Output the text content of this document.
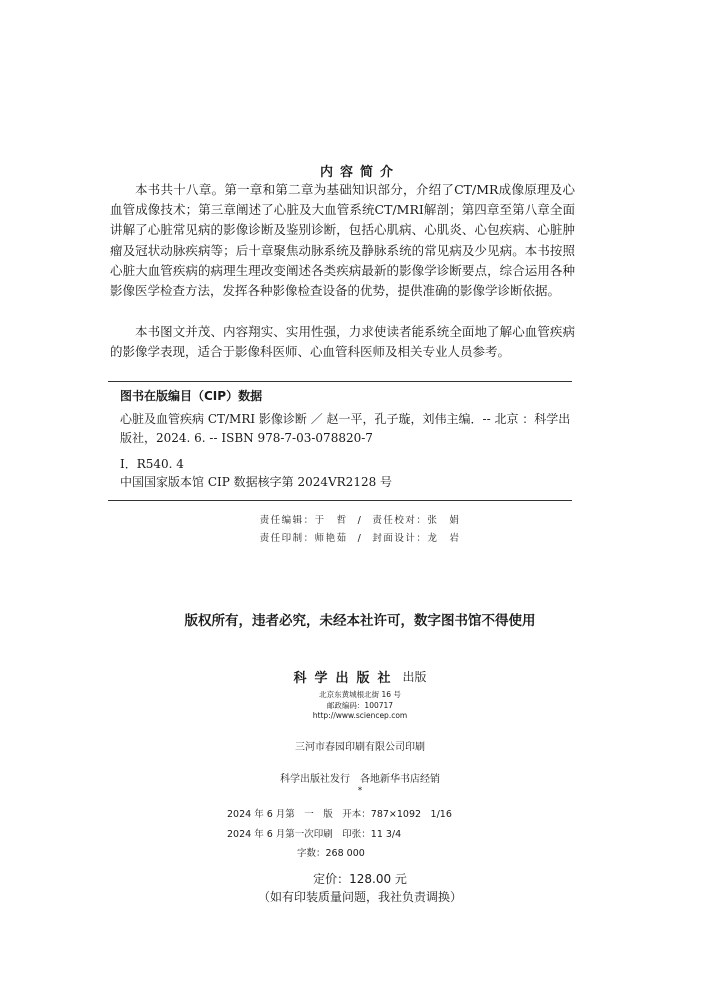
内容简介
本书共十八章。第一章和第二章为基础知识部分，介绍了CT/MR成像原理及心血管成像技术；第三章阐述了心脏及大血管系统CT/MRI解剖；第四章至第八章全面讲解了心脏常见病的影像诊断及鉴别诊断，包括心肌病、心肌炎、心包疾病、心脏肿瘤及冠状动脉疾病等；后十章聚焦动脉系统及静脉系统的常见病及少见病。本书按照心脏大血管疾病的病理生理改变阐述各类疾病最新的影像学诊断要点，综合运用各种影像医学检查方法，发挥各种影像检查设备的优势，提供准确的影像学诊断依据。
本书图文并茂、内容翔实、实用性强，力求使读者能系统全面地了解心血管疾病的影像学表现，适合于影像科医师、心血管科医师及相关专业人员参考。
图书在版编目（CIP）数据
心脏及血管疾病 CT/MRI 影像诊断 ／ 赵一平，孔子璇，刘伟主编．-- 北京 ：科学出版社，2024. 6. -- ISBN 978-7-03-078820-7
Ⅰ．R540. 4
中国国家版本馆 CIP 数据核字第 2024VR2128 号
责任编辑：于　哲 / 责任校对：张　娟
责任印制：师艳茹 / 封面设计：龙　岩
版权所有，违者必究，未经本社许可，数字图书馆不得使用
科学出版社 出版
北京东黄城根北街 16 号
邮政编码：100717
http://www.sciencep.com
三河市春园印刷有限公司印刷
科学出版社发行　各地新华书店经销
*
2024 年 6 月第　一　版　开本：787×1092　1/16
2024 年 6 月第一次印刷　印张：11 3/4
字数：268 000
定价：128.00 元
（如有印装质量问题，我社负责调换）
